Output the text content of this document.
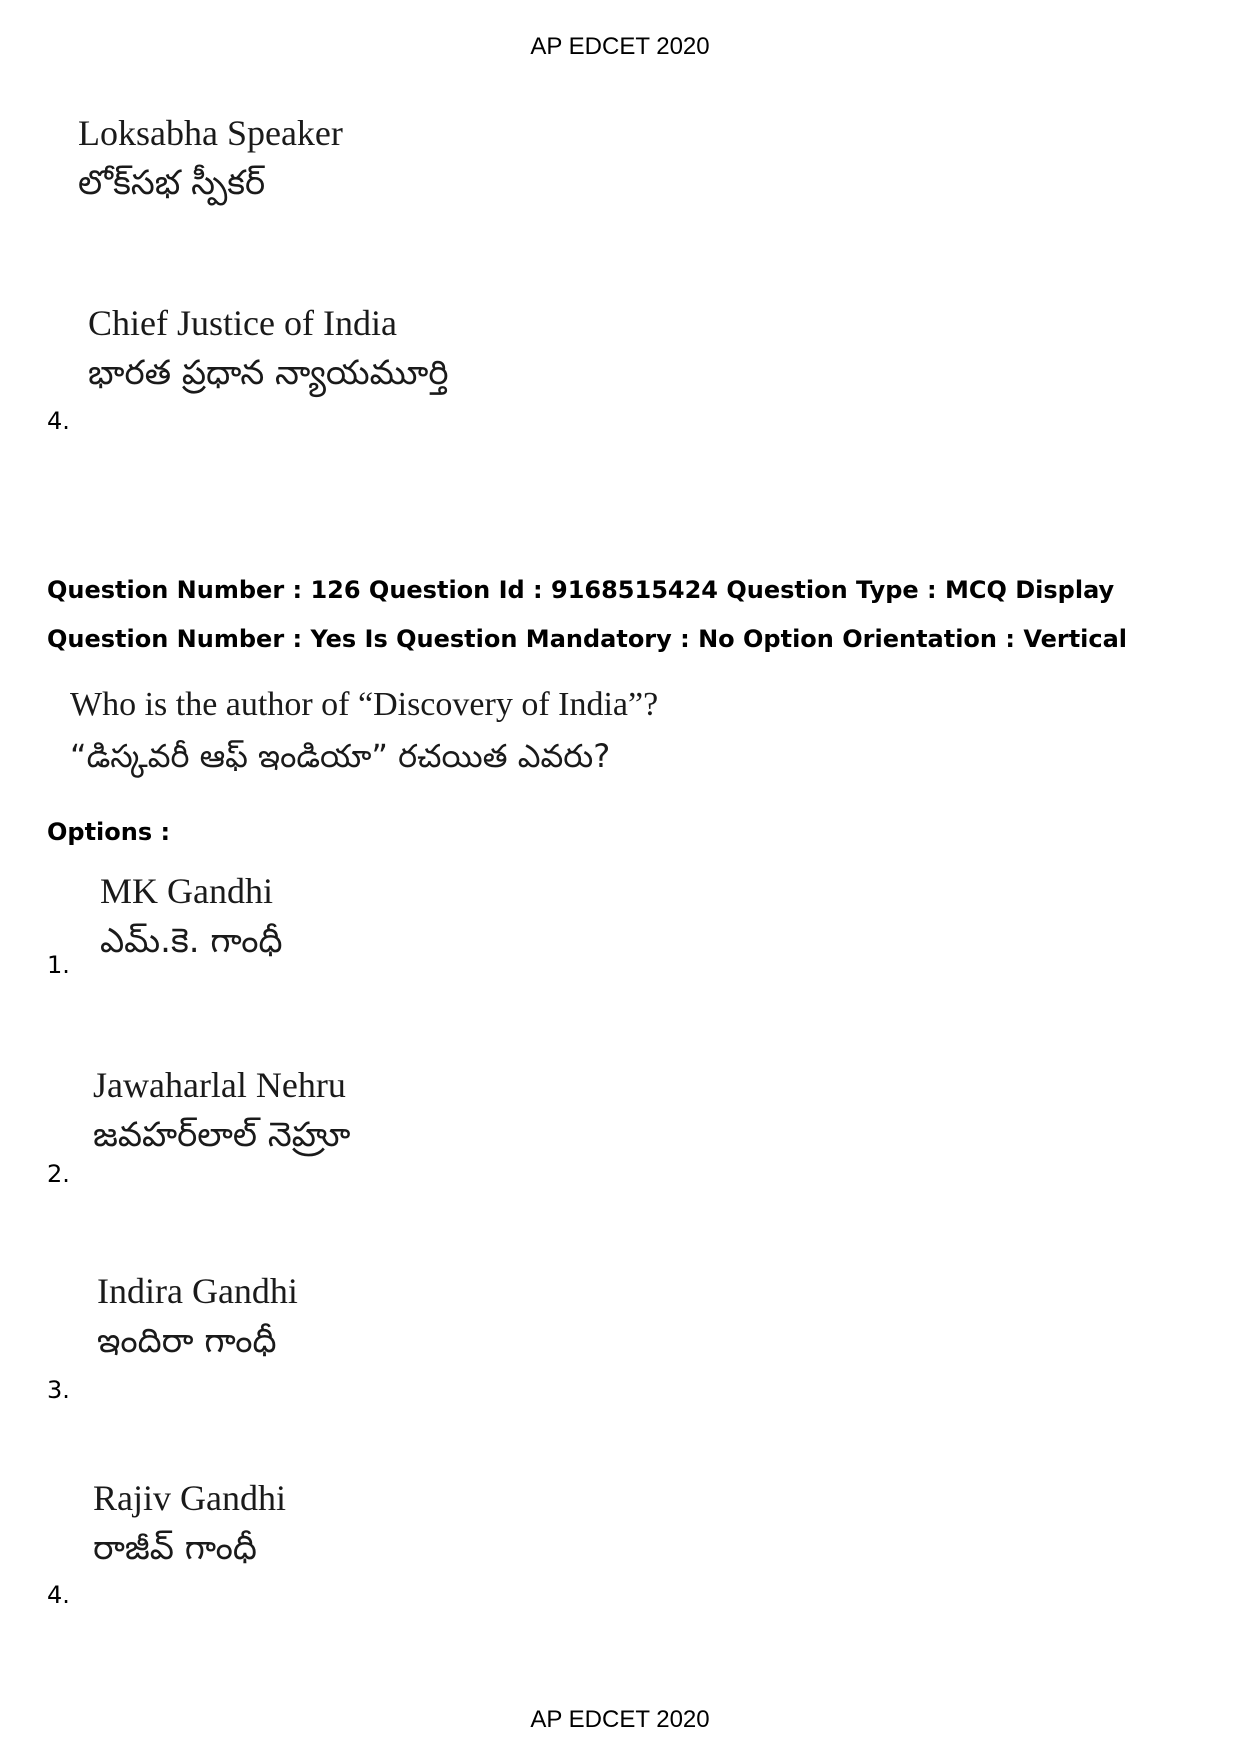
AP EDCET 2020
Loksabha Speaker
లోక్‌సభ స్పీకర్
Chief Justice of India
భారత ప్రధాన న్యాయమూర్తి
4.
Question Number : 126 Question Id : 9168515424 Question Type : MCQ Display Question Number : Yes Is Question Mandatory : No Option Orientation : Vertical
Who is the author of “Discovery of India”?
“డిస్కవరీ ఆఫ్ ఇండియా” రచయిత ఎవరు?
Options :
MK Gandhi
ఎమ్.కె. గాంధీ
1.
Jawaharlal Nehru
జవహర్‌లాల్ నెహ్రూ
2.
Indira Gandhi
ఇందిరా గాంధీ
3.
Rajiv Gandhi
రాజీవ్ గాంధీ
4.
AP EDCET 2020
